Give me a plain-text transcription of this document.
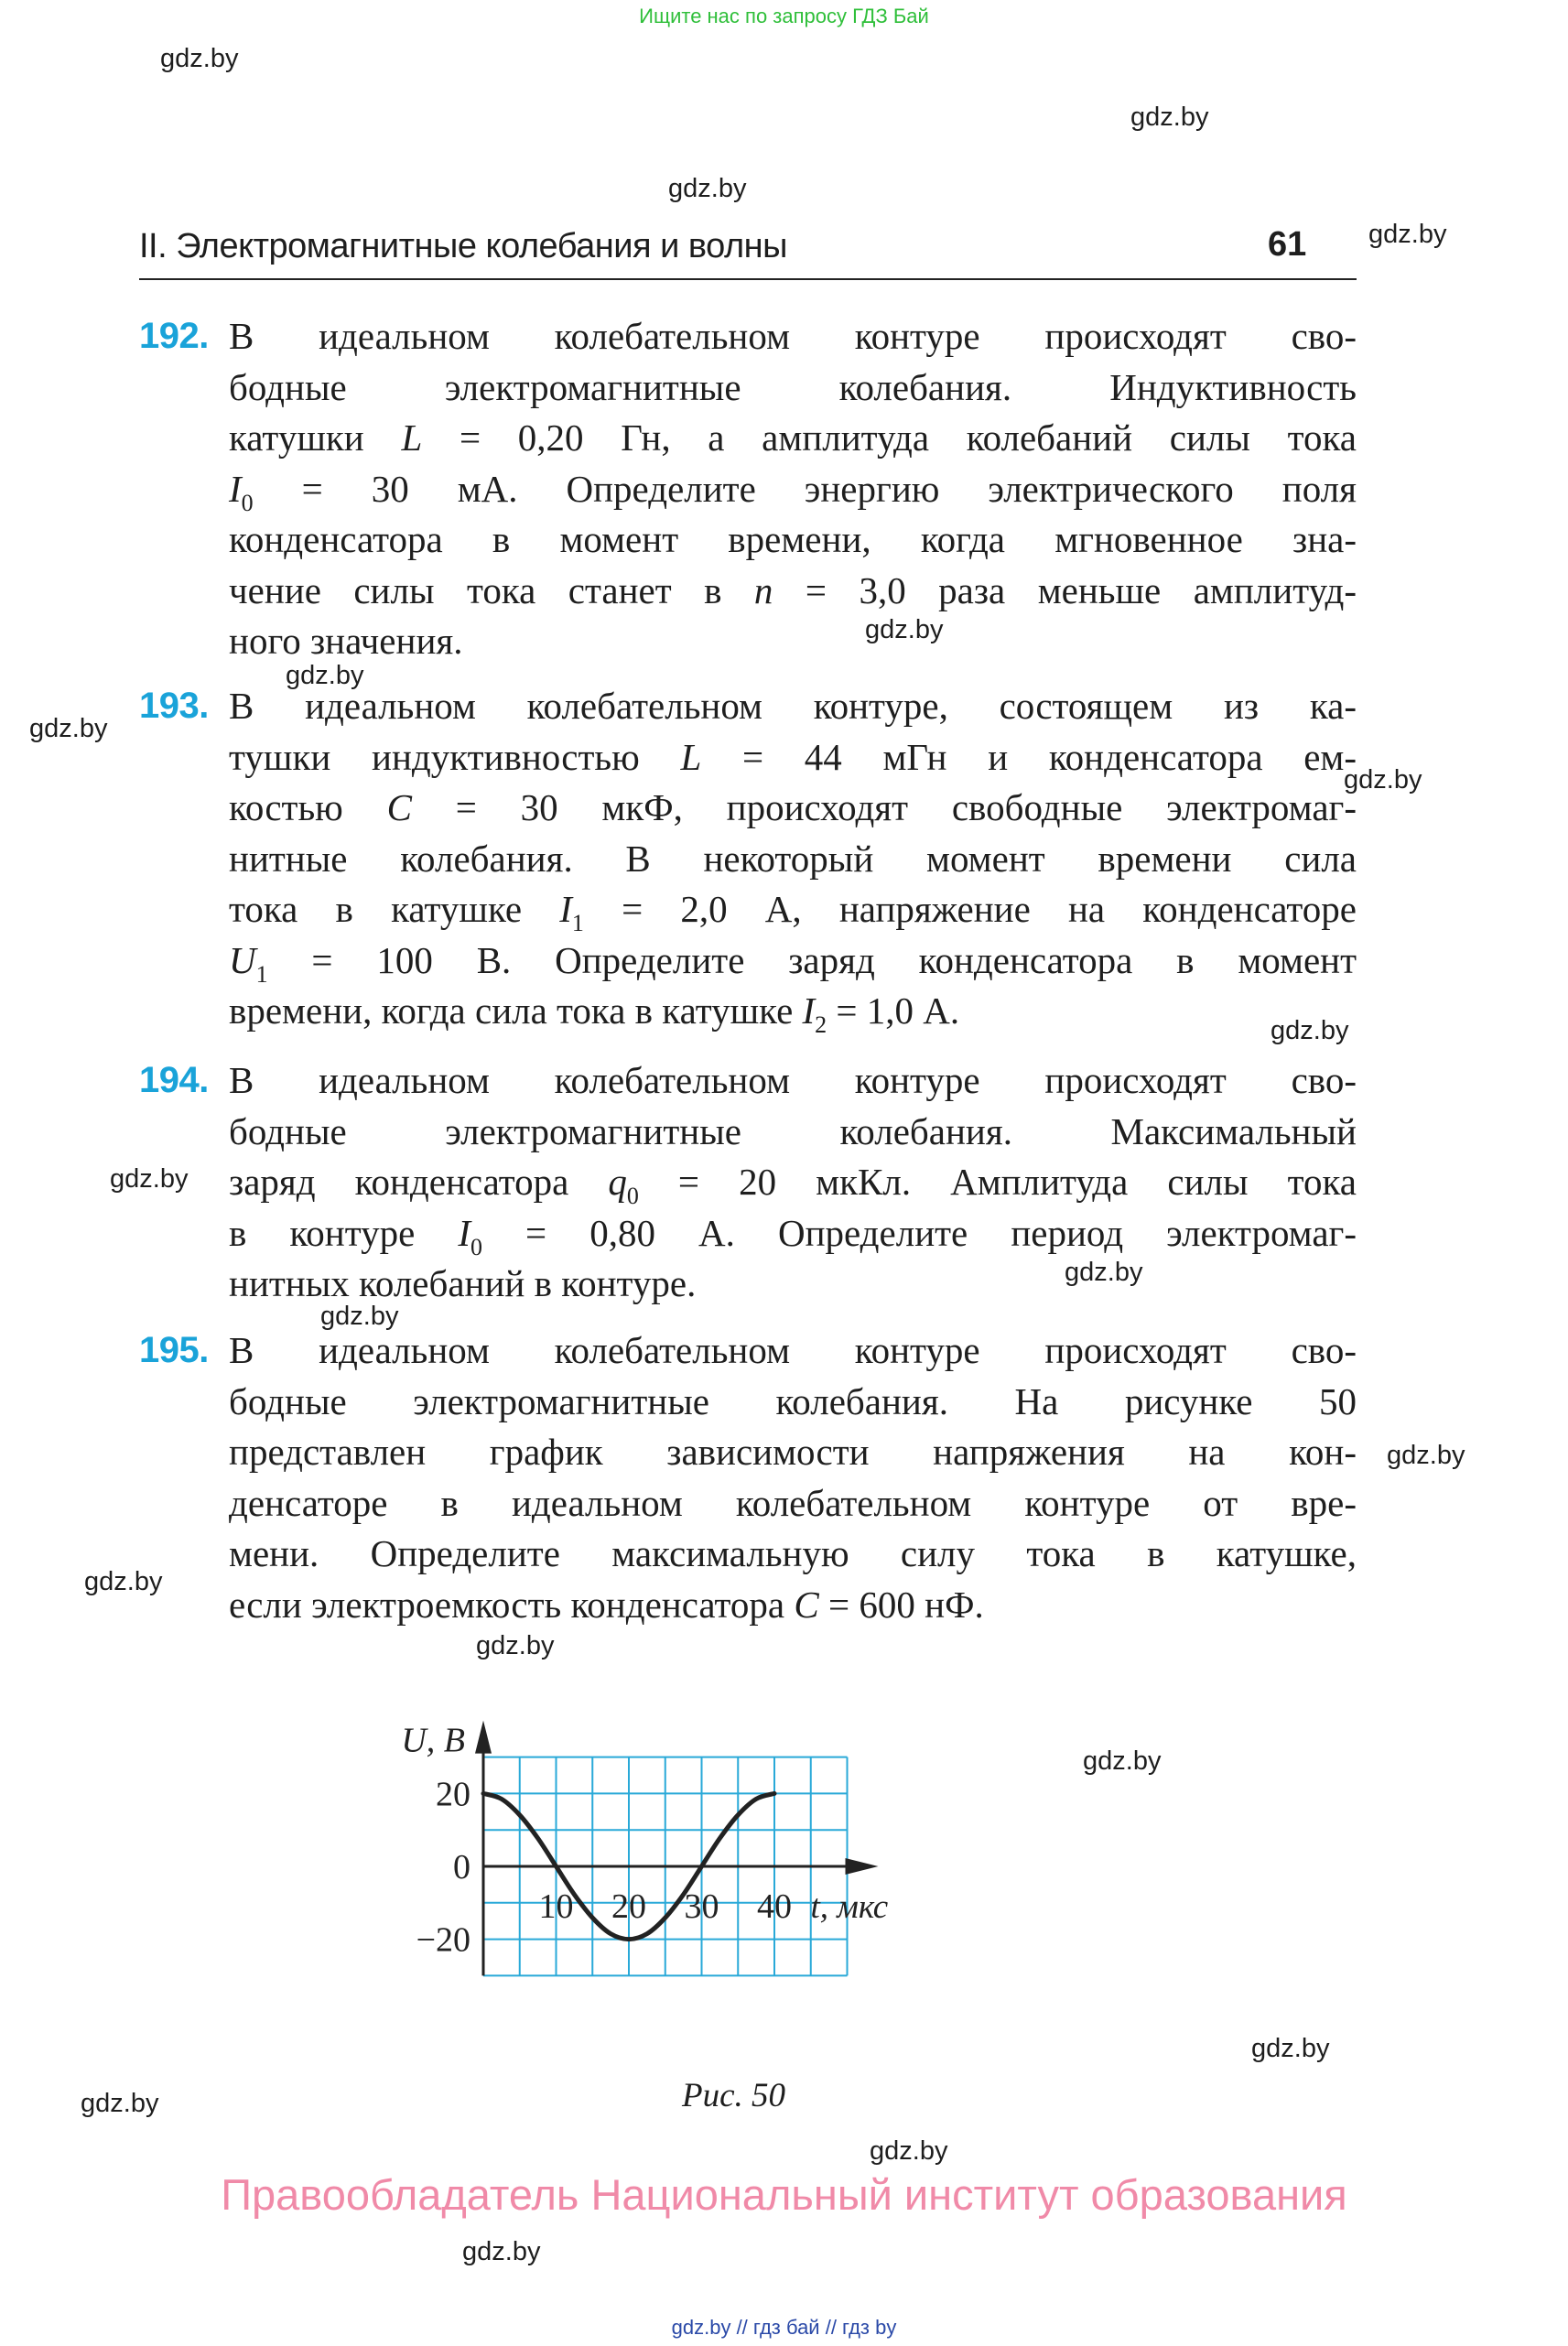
Ищите нас по запросу ГДЗ Бай
gdz.by
gdz.by
gdz.by
gdz.by
gdz.by
gdz.by
gdz.by
gdz.by
gdz.by
gdz.by
gdz.by
gdz.by
gdz.by
gdz.by
gdz.by
gdz.by
gdz.by
gdz.by
gdz.by
gdz.by
II. Электромагнитные колебания и волны	61
192. В идеальном колебательном контуре происходят сво-
бодные электромагнитные колебания. Индуктивность
катушки L = 0,20 Гн, а амплитуда колебаний силы тока
$I_0 = 30$ мА. Определите энергию электрического поля
конденсатора в момент времени, когда мгновенное зна-
чение силы тока станет в n = 3,0 раза меньше амплитуд-
ного значения.
193. В идеальном колебательном контуре, состоящем из ка-
тушки индуктивностью L = 44 мГн и конденсатора ем-
костью C = 30 мкФ, происходят свободные электромаг-
нитные колебания. В некоторый момент времени сила
тока в катушке $I_1 = 2,0$ А, напряжение на конденсаторе
$U_1 = 100$ В. Определите заряд конденсатора в момент
времени, когда сила тока в катушке $I_2 = 1,0$ А.
194. В идеальном колебательном контуре происходят сво-
бодные электромагнитные колебания. Максимальный
заряд конденсатора $q_0 = 20$ мкКл. Амплитуда силы тока
в контуре $I_0 = 0,80$ А. Определите период электромаг-
нитных колебаний в контуре.
195. В идеальном колебательном контуре происходят сво-
бодные электромагнитные колебания. На рисунке 50
представлен график зависимости напряжения на кон-
денсаторе в идеальном колебательном контуре от вре-
мени. Определите максимальную силу тока в катушке,
если электроемкость конденсатора C = 600 нФ.
10 20 30 40
20
0
−20
U, В
t, мкс
Рис. 50
Правообладатель Национальный институт образования
gdz.by // гдз бай // гдз by
